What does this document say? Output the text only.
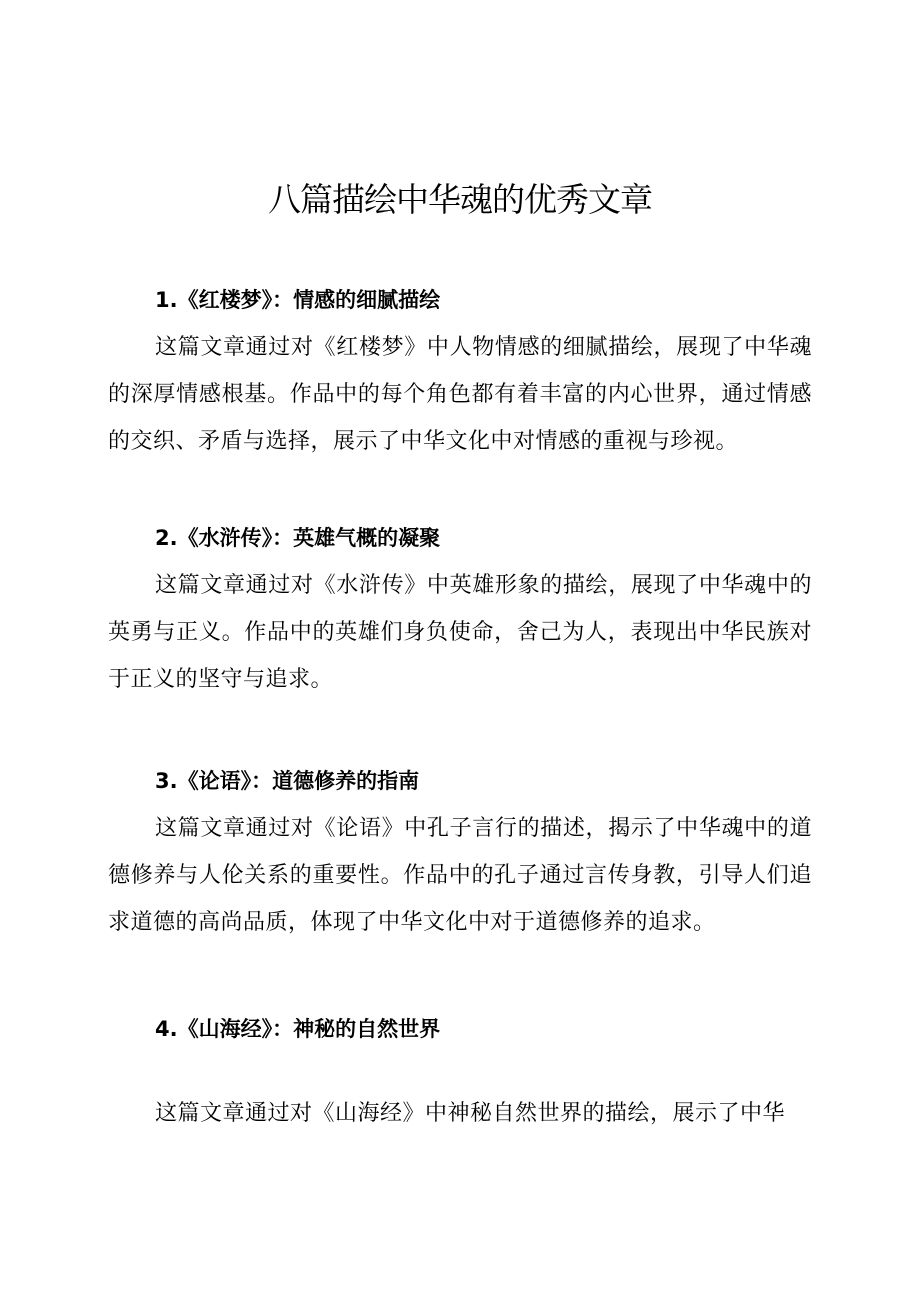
八篇描绘中华魂的优秀文章
1.《红楼梦》：情感的细腻描绘
这篇文章通过对《红楼梦》中人物情感的细腻描绘，展现了中华魂的深厚情感根基。作品中的每个角色都有着丰富的内心世界，通过情感的交织、矛盾与选择，展示了中华文化中对情感的重视与珍视。
2.《水浒传》：英雄气概的凝聚
这篇文章通过对《水浒传》中英雄形象的描绘，展现了中华魂中的英勇与正义。作品中的英雄们身负使命，舍己为人，表现出中华民族对于正义的坚守与追求。
3.《论语》：道德修养的指南
这篇文章通过对《论语》中孔子言行的描述，揭示了中华魂中的道德修养与人伦关系的重要性。作品中的孔子通过言传身教，引导人们追求道德的高尚品质，体现了中华文化中对于道德修养的追求。
4.《山海经》：神秘的自然世界
这篇文章通过对《山海经》中神秘自然世界的描绘，展示了中华
